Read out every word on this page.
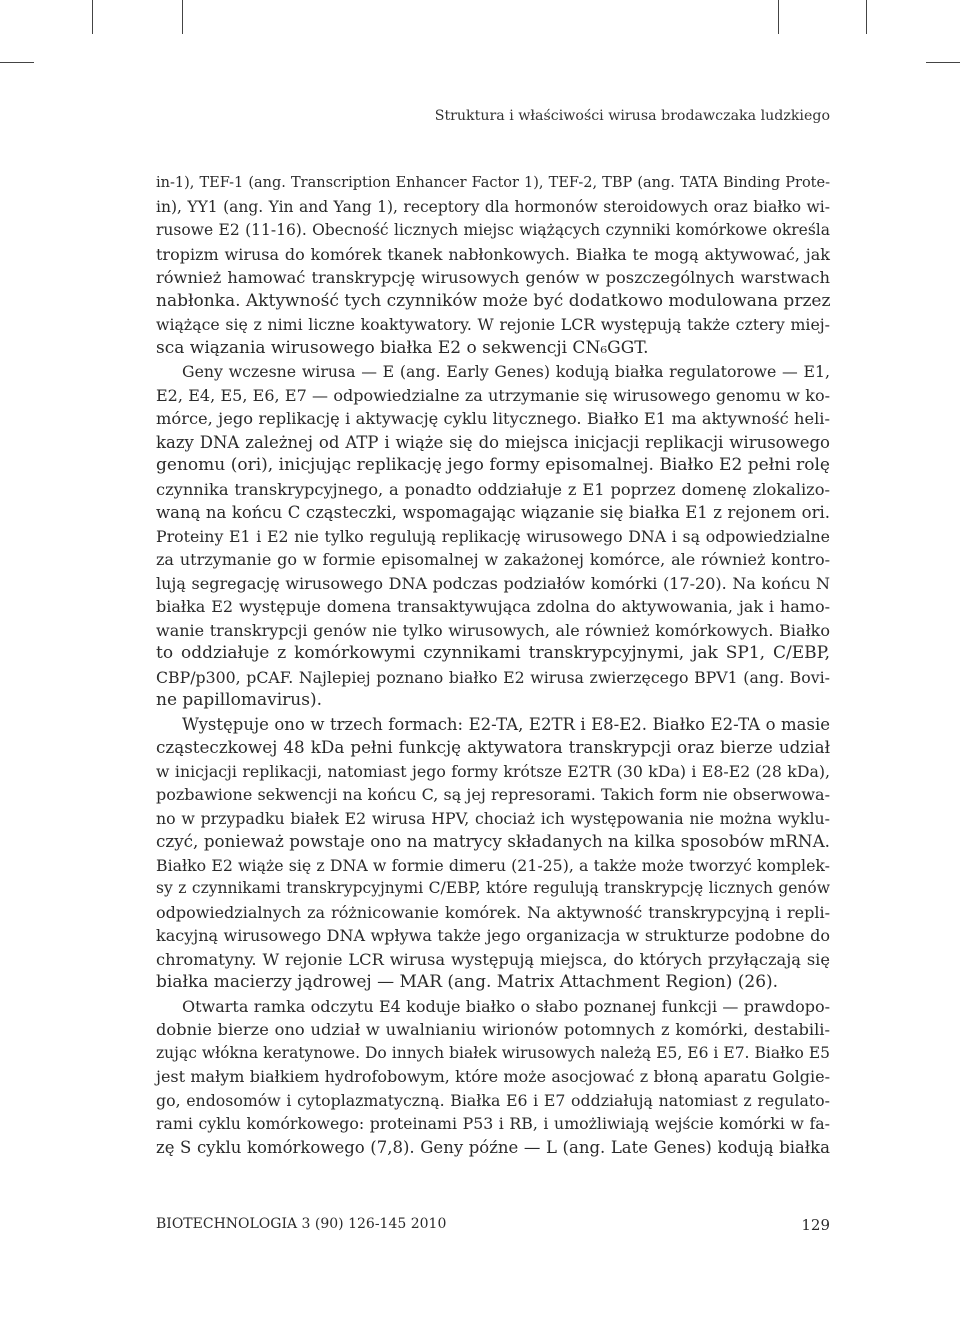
Struktura i właściwości wirusa brodawczaka ludzkiego
in-1), TEF-1 (ang. Transcription Enhancer Factor 1), TEF-2, TBP (ang. TATA Binding Prote-
in), YY1 (ang. Yin and Yang 1), receptory dla hormonów steroidowych oraz białko wi-
rusowe E2 (11-16). Obecność licznych miejsc wiążących czynniki komórkowe określa
tropizm wirusa do komórek tkanek nabłonkowych. Białka te mogą aktywować, jak
również hamować transkrypcję wirusowych genów w poszczególnych warstwach
nabłonka. Aktywność tych czynników może być dodatkowo modulowana przez
wiążące się z nimi liczne koaktywatory. W rejonie LCR występują także cztery miej-
sca wiązania wirusowego białka E2 o sekwencji CN₆GGT.
Geny wczesne wirusa — E (ang. Early Genes) kodują białka regulatorowe — E1,
E2, E4, E5, E6, E7 — odpowiedzialne za utrzymanie się wirusowego genomu w ko-
mórce, jego replikację i aktywację cyklu litycznego. Białko E1 ma aktywność heli-
kazy DNA zależnej od ATP i wiąże się do miejsca inicjacji replikacji wirusowego
genomu (ori), inicjując replikację jego formy episomalnej. Białko E2 pełni rolę
czynnika transkrypcyjnego, a ponadto oddziałuje z E1 poprzez domenę zlokalizo-
waną na końcu C cząsteczki, wspomagając wiązanie się białka E1 z rejonem ori.
Proteiny E1 i E2 nie tylko regulują replikację wirusowego DNA i są odpowiedzialne
za utrzymanie go w formie episomalnej w zakażonej komórce, ale również kontro-
lują segregację wirusowego DNA podczas podziałów komórki (17-20). Na końcu N
białka E2 występuje domena transaktywująca zdolna do aktywowania, jak i hamo-
wanie transkrypcji genów nie tylko wirusowych, ale również komórkowych. Białko
to oddziałuje z komórkowymi czynnikami transkrypcyjnymi, jak SP1, C/EBP,
CBP/p300, pCAF. Najlepiej poznano białko E2 wirusa zwierzęcego BPV1 (ang. Bovi-
ne papillomavirus).
Występuje ono w trzech formach: E2-TA, E2TR i E8-E2. Białko E2-TA o masie
cząsteczkowej 48 kDa pełni funkcję aktywatora transkrypcji oraz bierze udział
w inicjacji replikacji, natomiast jego formy krótsze E2TR (30 kDa) i E8-E2 (28 kDa),
pozbawione sekwencji na końcu C, są jej represorami. Takich form nie obserwowa-
no w przypadku białek E2 wirusa HPV, chociaż ich występowania nie można wyklu-
czyć, ponieważ powstaje ono na matrycy składanych na kilka sposobów mRNA.
Białko E2 wiąże się z DNA w formie dimeru (21-25), a także może tworzyć komplek-
sy z czynnikami transkrypcyjnymi C/EBP, które regulują transkrypcję licznych genów
odpowiedzialnych za różnicowanie komórek. Na aktywność transkrypcyjną i repli-
kacyjną wirusowego DNA wpływa także jego organizacja w strukturze podobne do
chromatyny. W rejonie LCR wirusa występują miejsca, do których przyłączają się
białka macierzy jądrowej — MAR (ang. Matrix Attachment Region) (26).
Otwarta ramka odczytu E4 koduje białko o słabo poznanej funkcji — prawdopo-
dobnie bierze ono udział w uwalnianiu wirionów potomnych z komórki, destabili-
zując włókna keratynowe. Do innych białek wirusowych należą E5, E6 i E7. Białko E5
jest małym białkiem hydrofobowym, które może asocjować z błoną aparatu Golgie-
go, endosomów i cytoplazmatyczną. Białka E6 i E7 oddziałują natomiast z regulato-
rami cyklu komórkowego: proteinami P53 i RB, i umożliwiają wejście komórki w fa-
zę S cyklu komórkowego (7,8). Geny późne — L (ang. Late Genes) kodują białka
BIOTECHNOLOGIA 3 (90) 126-145 2010	129
